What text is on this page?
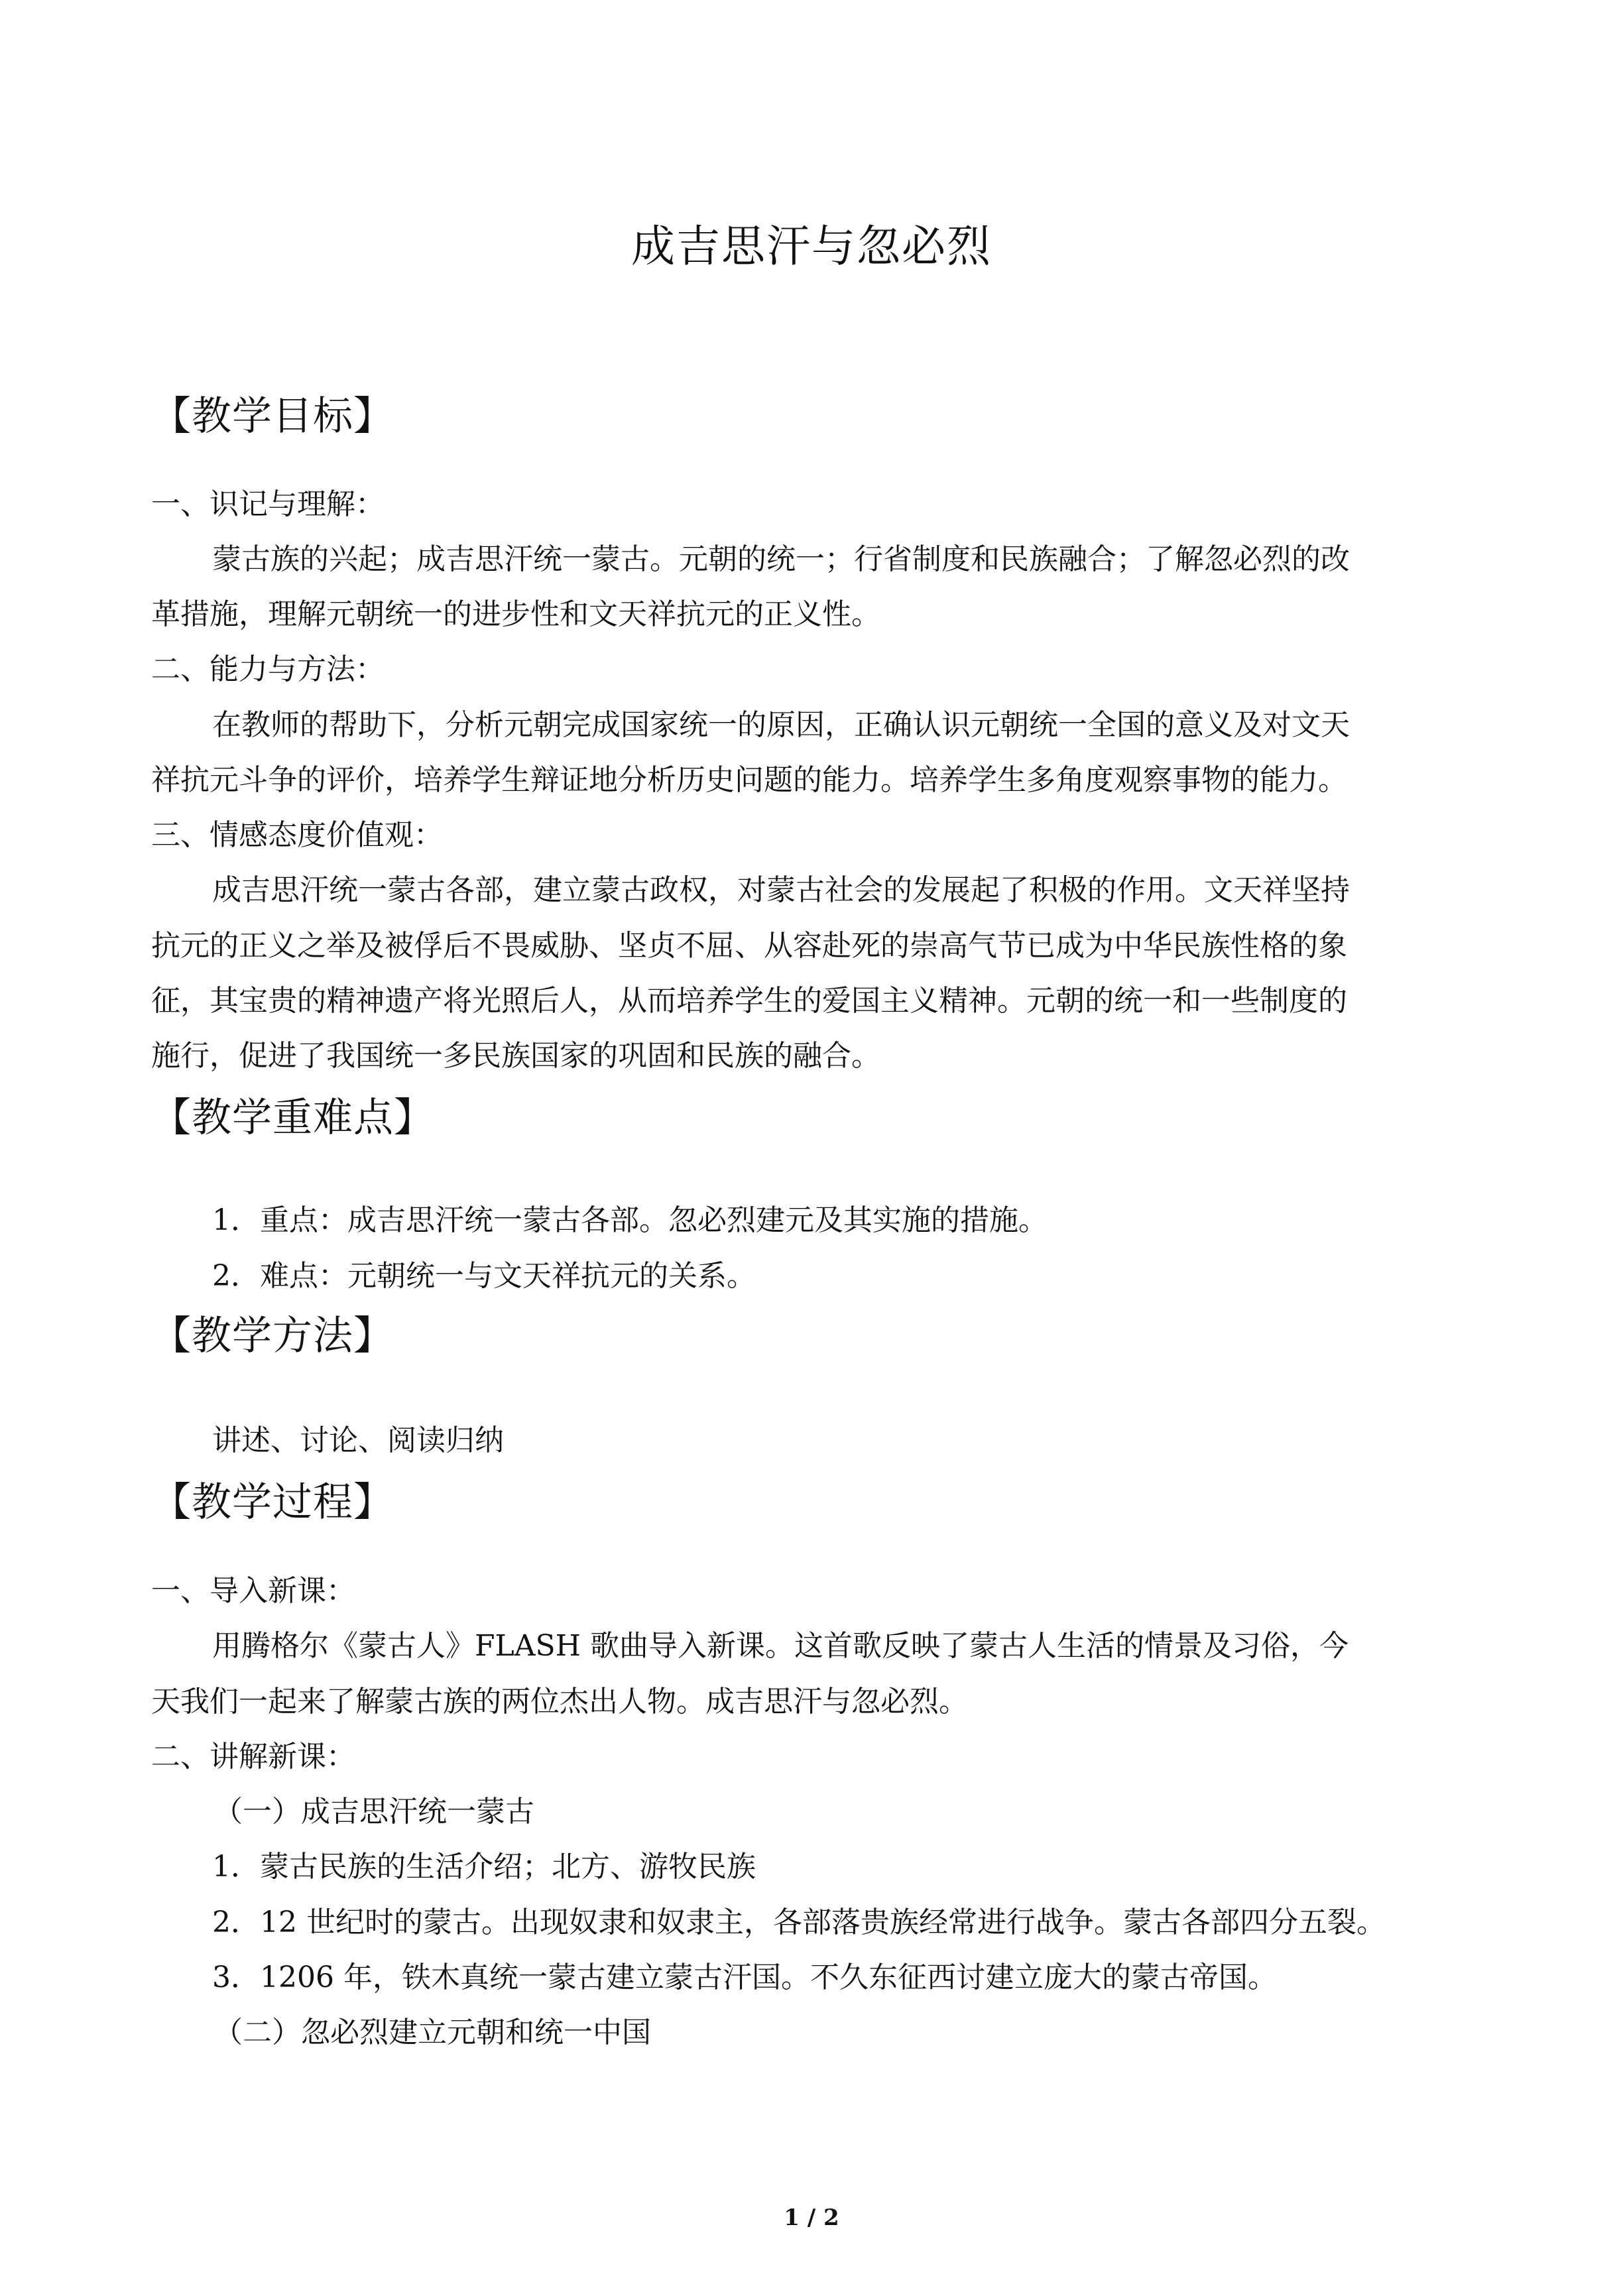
成吉思汗与忽必烈
【教学目标】
一、识记与理解：
蒙古族的兴起；成吉思汗统一蒙古。元朝的统一；行省制度和民族融合；了解忽必烈的改
革措施，理解元朝统一的进步性和文天祥抗元的正义性。
二、能力与方法：
在教师的帮助下，分析元朝完成国家统一的原因，正确认识元朝统一全国的意义及对文天
祥抗元斗争的评价，培养学生辩证地分析历史问题的能力。培养学生多角度观察事物的能力。
三、情感态度价值观：
成吉思汗统一蒙古各部，建立蒙古政权，对蒙古社会的发展起了积极的作用。文天祥坚持
抗元的正义之举及被俘后不畏威胁、坚贞不屈、从容赴死的崇高气节已成为中华民族性格的象
征，其宝贵的精神遗产将光照后人，从而培养学生的爱国主义精神。元朝的统一和一些制度的
施行，促进了我国统一多民族国家的巩固和民族的融合。
【教学重难点】
1．重点：成吉思汗统一蒙古各部。忽必烈建元及其实施的措施。
2．难点：元朝统一与文天祥抗元的关系。
【教学方法】
讲述、讨论、阅读归纳
【教学过程】
一、导入新课：
用腾格尔《蒙古人》FLASH 歌曲导入新课。这首歌反映了蒙古人生活的情景及习俗，今
天我们一起来了解蒙古族的两位杰出人物。成吉思汗与忽必烈。
二、讲解新课：
（一）成吉思汗统一蒙古
1．蒙古民族的生活介绍；北方、游牧民族
2．12 世纪时的蒙古。出现奴隶和奴隶主，各部落贵族经常进行战争。蒙古各部四分五裂。
3．1206 年，铁木真统一蒙古建立蒙古汗国。不久东征西讨建立庞大的蒙古帝国。
（二）忽必烈建立元朝和统一中国
1 / 2
